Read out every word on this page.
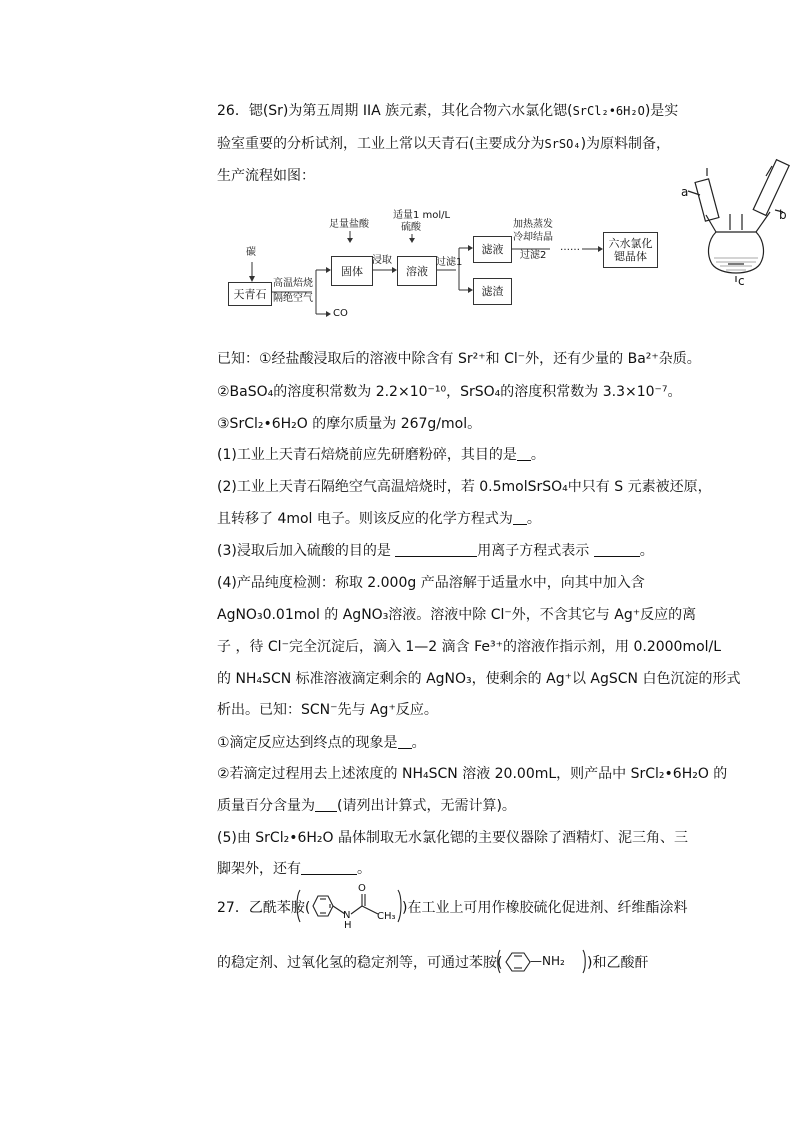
26．锶(Sr)为第五周期 IIA 族元素，其化合物六水氯化锶(SrCl₂•6H₂O)是实
验室重要的分析试剂，工业上常以天青石(主要成分为SrSO₄)为原料制备，
生产流程如图：
碳
天青石
高温焙烧
隔绝空气
CO
足量盐酸
固体
浸取
适量1 mol/L
硫酸
溶液
过滤1
滤液
滤渣
加热蒸发
冷却结晶
过滤2
……	六水氯化
锶晶体
a
b
c
已知：①经盐酸浸取后的溶液中除含有 Sr²⁺和 Cl⁻外，还有少量的 Ba²⁺杂质。
②BaSO₄的溶度积常数为 2.2×10⁻¹⁰，SrSO₄的溶度积常数为 3.3×10⁻⁷。
③SrCl₂•6H₂O 的摩尔质量为 267g/mol。
(1)工业上天青石焙烧前应先研磨粉碎，其目的是 。
(2)工业上天青石隔绝空气高温焙烧时，若 0.5molSrSO₄中只有 S 元素被还原，
且转移了 4mol 电子。则该反应的化学方程式为 。
(3)浸取后加入硫酸的目的是	用离子方程式表示	。
(4)产品纯度检测：称取 2.000g 产品溶解于适量水中，向其中加入含
AgNO₃0.01mol 的 AgNO₃溶液。溶液中除 Cl⁻外，不含其它与 Ag⁺反应的离
子 ，待 Cl⁻完全沉淀后，滴入 1—2 滴含 Fe³⁺的溶液作指示剂，用 0.2000mol/L
的 NH₄SCN 标准溶液滴定剩余的 AgNO₃，使剩余的 Ag⁺以 AgSCN 白色沉淀的形式
析出。已知：SCN⁻先与 Ag⁺反应。
①滴定反应达到终点的现象是 。
②若滴定过程用去上述浓度的 NH₄SCN 溶液 20.00mL，则产品中 SrCl₂•6H₂O 的
质量百分含量为 (请列出计算式，无需计算)。
(5)由 SrCl₂•6H₂O 晶体制取无水氯化锶的主要仪器除了酒精灯、泥三角、三
脚架外，还有	。
27．乙酰苯胺(
O
N
H
CH₃
)在工业上可用作橡胶硫化促进剂、纤维酯涂料
的稳定剂、过氧化氢的稳定剂等，可通过苯胺( —NH₂ )和乙酸酐
